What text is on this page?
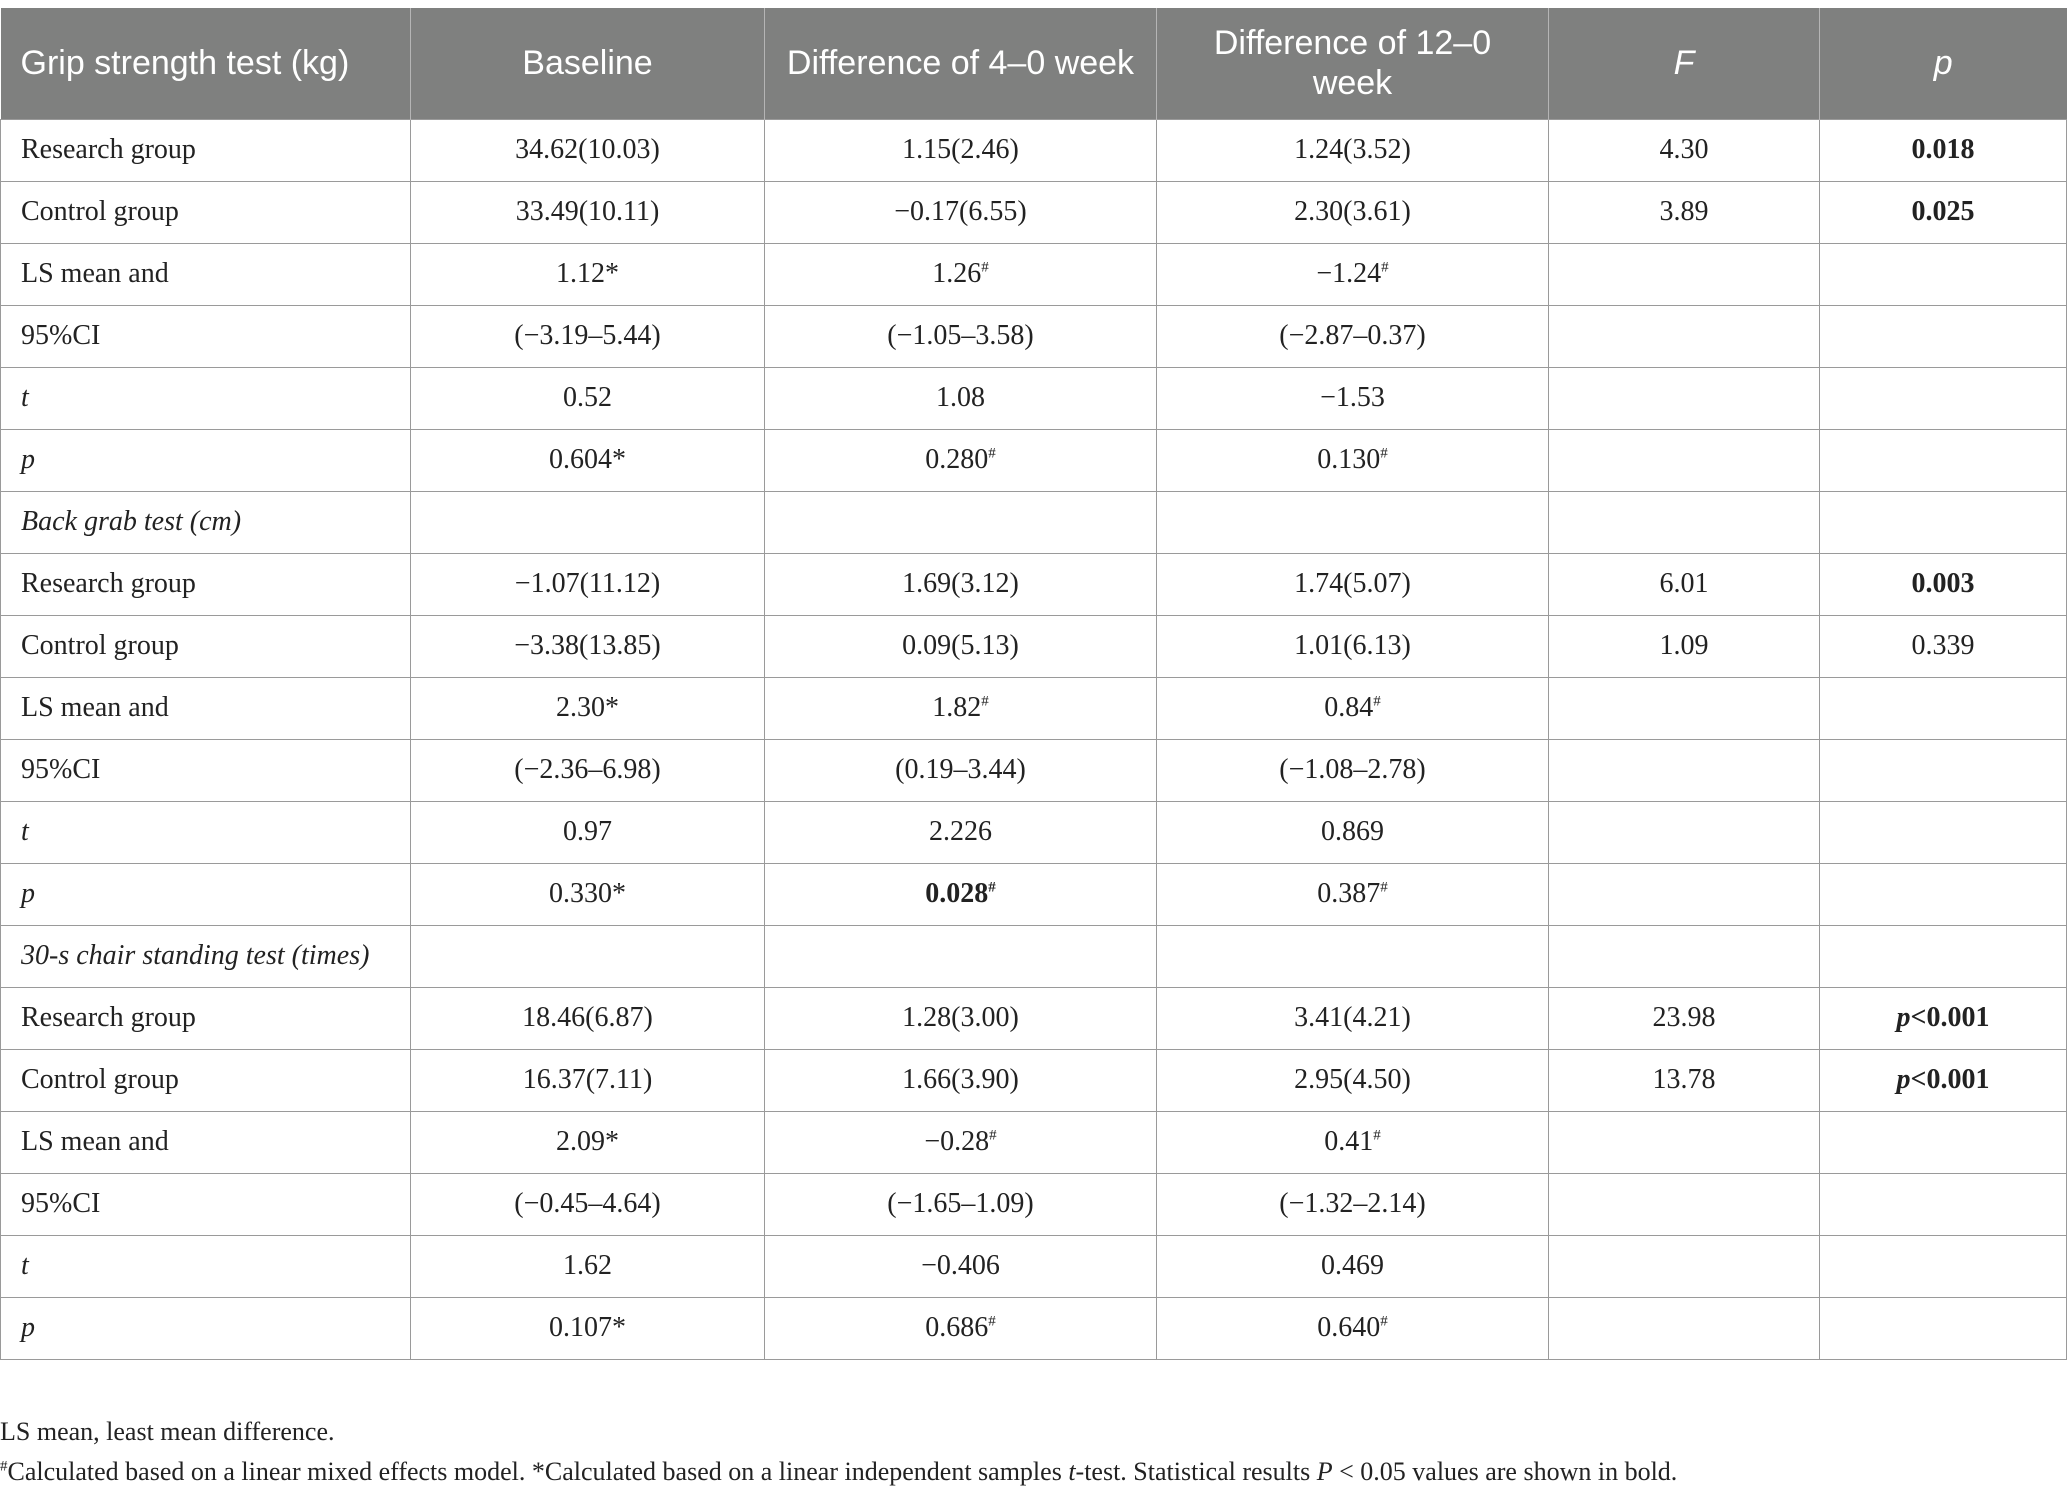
Grip strength test (kg)	Baseline	Difference of 4–0 week	Difference of 12–0 week	F	p
Research group	34.62(10.03)	1.15(2.46)	1.24(3.52)	4.30	0.018
Control group	33.49(10.11)	−0.17(6.55)	2.30(3.61)	3.89	0.025
LS mean and	1.12*	1.26#	−1.24#		
95%CI	(−3.19–5.44)	(−1.05–3.58)	(−2.87–0.37)		
t	0.52	1.08	−1.53		
p	0.604*	0.280#	0.130#		
Back grab test (cm)					
Research group	−1.07(11.12)	1.69(3.12)	1.74(5.07)	6.01	0.003
Control group	−3.38(13.85)	0.09(5.13)	1.01(6.13)	1.09	0.339
LS mean and	2.30*	1.82#	0.84#		
95%CI	(−2.36–6.98)	(0.19–3.44)	(−1.08–2.78)		
t	0.97	2.226	0.869		
p	0.330*	0.028#	0.387#		
30-s chair standing test (times)					
Research group	18.46(6.87)	1.28(3.00)	3.41(4.21)	23.98	p<0.001
Control group	16.37(7.11)	1.66(3.90)	2.95(4.50)	13.78	p<0.001
LS mean and	2.09*	−0.28#	0.41#		
95%CI	(−0.45–4.64)	(−1.65–1.09)	(−1.32–2.14)		
t	1.62	−0.406	0.469		
p	0.107*	0.686#	0.640#		
LS mean, least mean difference.
#Calculated based on a linear mixed effects model. *Calculated based on a linear independent samples t-test. Statistical results P < 0.05 values are shown in bold.
